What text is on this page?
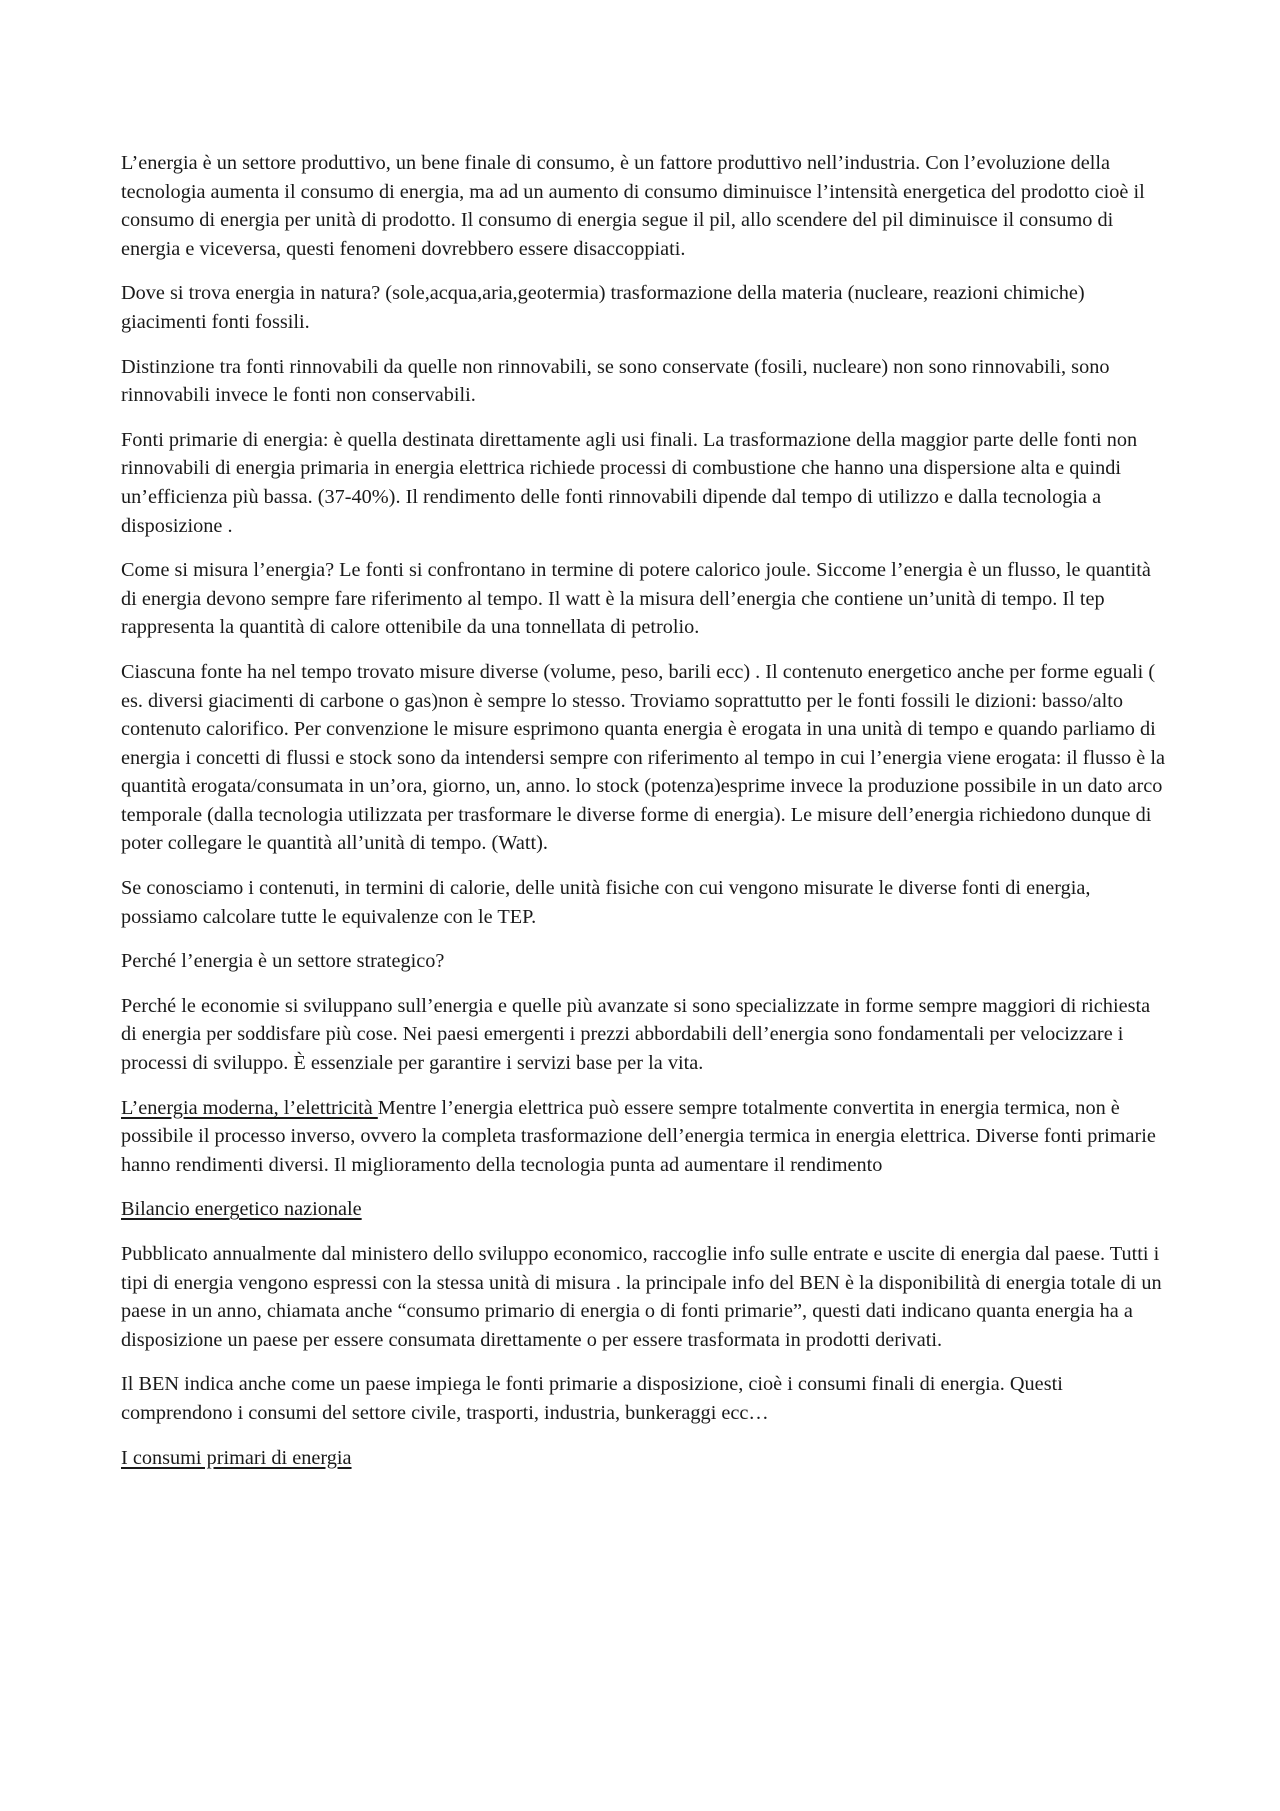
L’energia è un settore produttivo, un bene finale di consumo, è un fattore produttivo nell’industria. Con l’evoluzione della tecnologia aumenta il consumo di energia, ma ad un aumento di consumo diminuisce l’intensità energetica del prodotto cioè il consumo di energia per unità di prodotto. Il consumo di energia segue il pil, allo scendere del pil diminuisce il consumo di energia e viceversa, questi fenomeni dovrebbero essere disaccoppiati.

Dove si trova energia in natura? (sole,acqua,aria,geotermia) trasformazione della materia (nucleare, reazioni chimiche) giacimenti fonti fossili.

Distinzione tra fonti rinnovabili da quelle non rinnovabili, se sono conservate (fosili, nucleare) non sono rinnovabili, sono rinnovabili invece le fonti non conservabili.

Fonti primarie di energia: è quella destinata direttamente agli usi finali. La trasformazione della maggior parte delle fonti non rinnovabili di energia primaria in energia elettrica richiede processi di combustione che hanno una dispersione alta e quindi un’efficienza più bassa. (37-40%). Il rendimento delle fonti rinnovabili dipende dal tempo di utilizzo e dalla tecnologia a disposizione .

Come si misura l’energia? Le fonti si confrontano in termine di potere calorico joule. Siccome l’energia è un flusso, le quantità di energia devono sempre fare riferimento al tempo. Il watt è la misura dell’energia che contiene un’unità di tempo. Il tep rappresenta la quantità di calore ottenibile da una tonnellata di petrolio.

Ciascuna fonte ha nel tempo trovato misure diverse (volume, peso, barili ecc) . Il contenuto energetico anche per forme eguali ( es. diversi giacimenti di carbone o gas)non è sempre lo stesso. Troviamo soprattutto per le fonti fossili le dizioni: basso/alto contenuto calorifico. Per convenzione le misure esprimono quanta energia è erogata in una unità di tempo e quando parliamo di energia i concetti di flussi e stock sono da intendersi sempre con riferimento al tempo in cui l’energia viene erogata: il flusso è la quantità erogata/consumata in un’ora, giorno, un, anno. lo stock (potenza)esprime invece la produzione possibile in un dato arco temporale (dalla tecnologia utilizzata per trasformare le diverse forme di energia). Le misure dell’energia richiedono dunque di poter collegare le quantità all’unità di tempo. (Watt).

Se conosciamo i contenuti, in termini di calorie, delle unità fisiche con cui vengono misurate le diverse fonti di energia, possiamo calcolare tutte le equivalenze con le TEP.

Perché l’energia è un settore strategico?

Perché le economie si sviluppano sull’energia e quelle più avanzate si sono specializzate in forme sempre maggiori di richiesta di energia per soddisfare più cose. Nei paesi emergenti i prezzi abbordabili dell’energia sono fondamentali per velocizzare i processi di sviluppo. È essenziale per garantire i servizi base per la vita.

L’energia moderna, l’elettricità Mentre l’energia elettrica può essere sempre totalmente convertita in energia termica, non è possibile il processo inverso, ovvero la completa trasformazione dell’energia termica in energia elettrica. Diverse fonti primarie hanno rendimenti diversi. Il miglioramento della tecnologia punta ad aumentare il rendimento

Bilancio energetico nazionale

Pubblicato annualmente dal ministero dello sviluppo economico, raccoglie info sulle entrate e uscite di energia dal paese. Tutti i tipi di energia vengono espressi con la stessa unità di misura . la principale info del BEN è la disponibilità di energia totale di un paese in un anno, chiamata anche “consumo primario di energia o di fonti primarie”, questi dati indicano quanta energia ha a disposizione un paese per essere consumata direttamente o per essere trasformata in prodotti derivati.

Il BEN indica anche come un paese impiega le fonti primarie a disposizione, cioè i consumi finali di energia. Questi comprendono i consumi del settore civile, trasporti, industria, bunkeraggi ecc…

I consumi primari di energia
